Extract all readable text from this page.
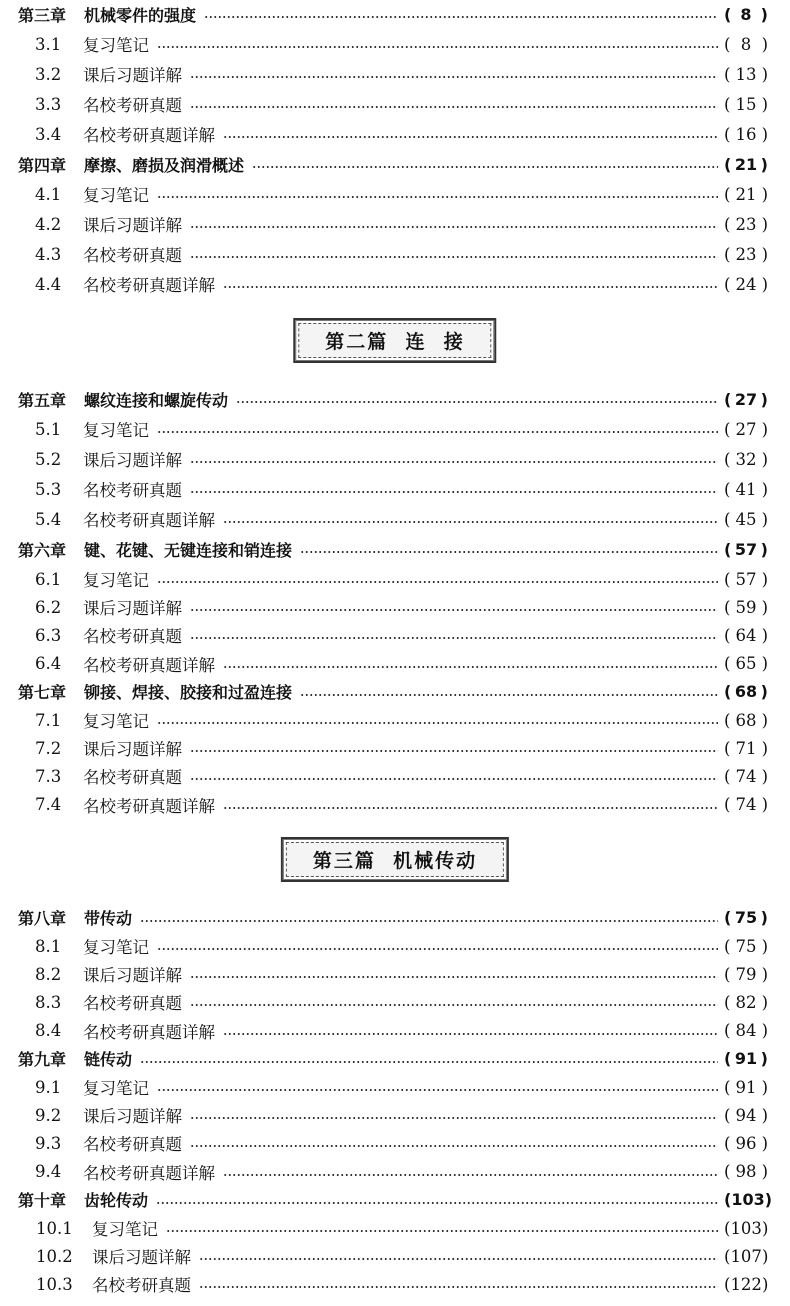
第三章 机械零件的强度	( 8 )
3.1	复习笔记	( 8 )
3.2	课后习题详解	( 13 )
3.3	名校考研真题	( 15 )
3.4	名校考研真题详解	( 16 )
第四章 摩擦、磨损及润滑概述	( 21 )
4.1	复习笔记	( 21 )
4.2	课后习题详解	( 23 )
4.3	名校考研真题	( 23 )
4.4	名校考研真题详解	( 24 )
第二篇  连  接
第五章 螺纹连接和螺旋传动	( 27 )
5.1	复习笔记	( 27 )
5.2	课后习题详解	( 32 )
5.3	名校考研真题	( 41 )
5.4	名校考研真题详解	( 45 )
第六章 键、花键、无键连接和销连接	( 57 )
6.1	复习笔记	( 57 )
6.2	课后习题详解	( 59 )
6.3	名校考研真题	( 64 )
6.4	名校考研真题详解	( 65 )
第七章 铆接、焊接、胶接和过盈连接	( 68 )
7.1	复习笔记	( 68 )
7.2	课后习题详解	( 71 )
7.3	名校考研真题	( 74 )
7.4	名校考研真题详解	( 74 )
第三篇  机械传动
第八章 带传动	( 75 )
8.1	复习笔记	( 75 )
8.2	课后习题详解	( 79 )
8.3	名校考研真题	( 82 )
8.4	名校考研真题详解	( 84 )
第九章 链传动	( 91 )
9.1	复习笔记	( 91 )
9.2	课后习题详解	( 94 )
9.3	名校考研真题	( 96 )
9.4	名校考研真题详解	( 98 )
第十章 齿轮传动	( 103 )
10.1	复习笔记	( 103 )
10.2	课后习题详解	( 107 )
10.3	名校考研真题	( 122 )
